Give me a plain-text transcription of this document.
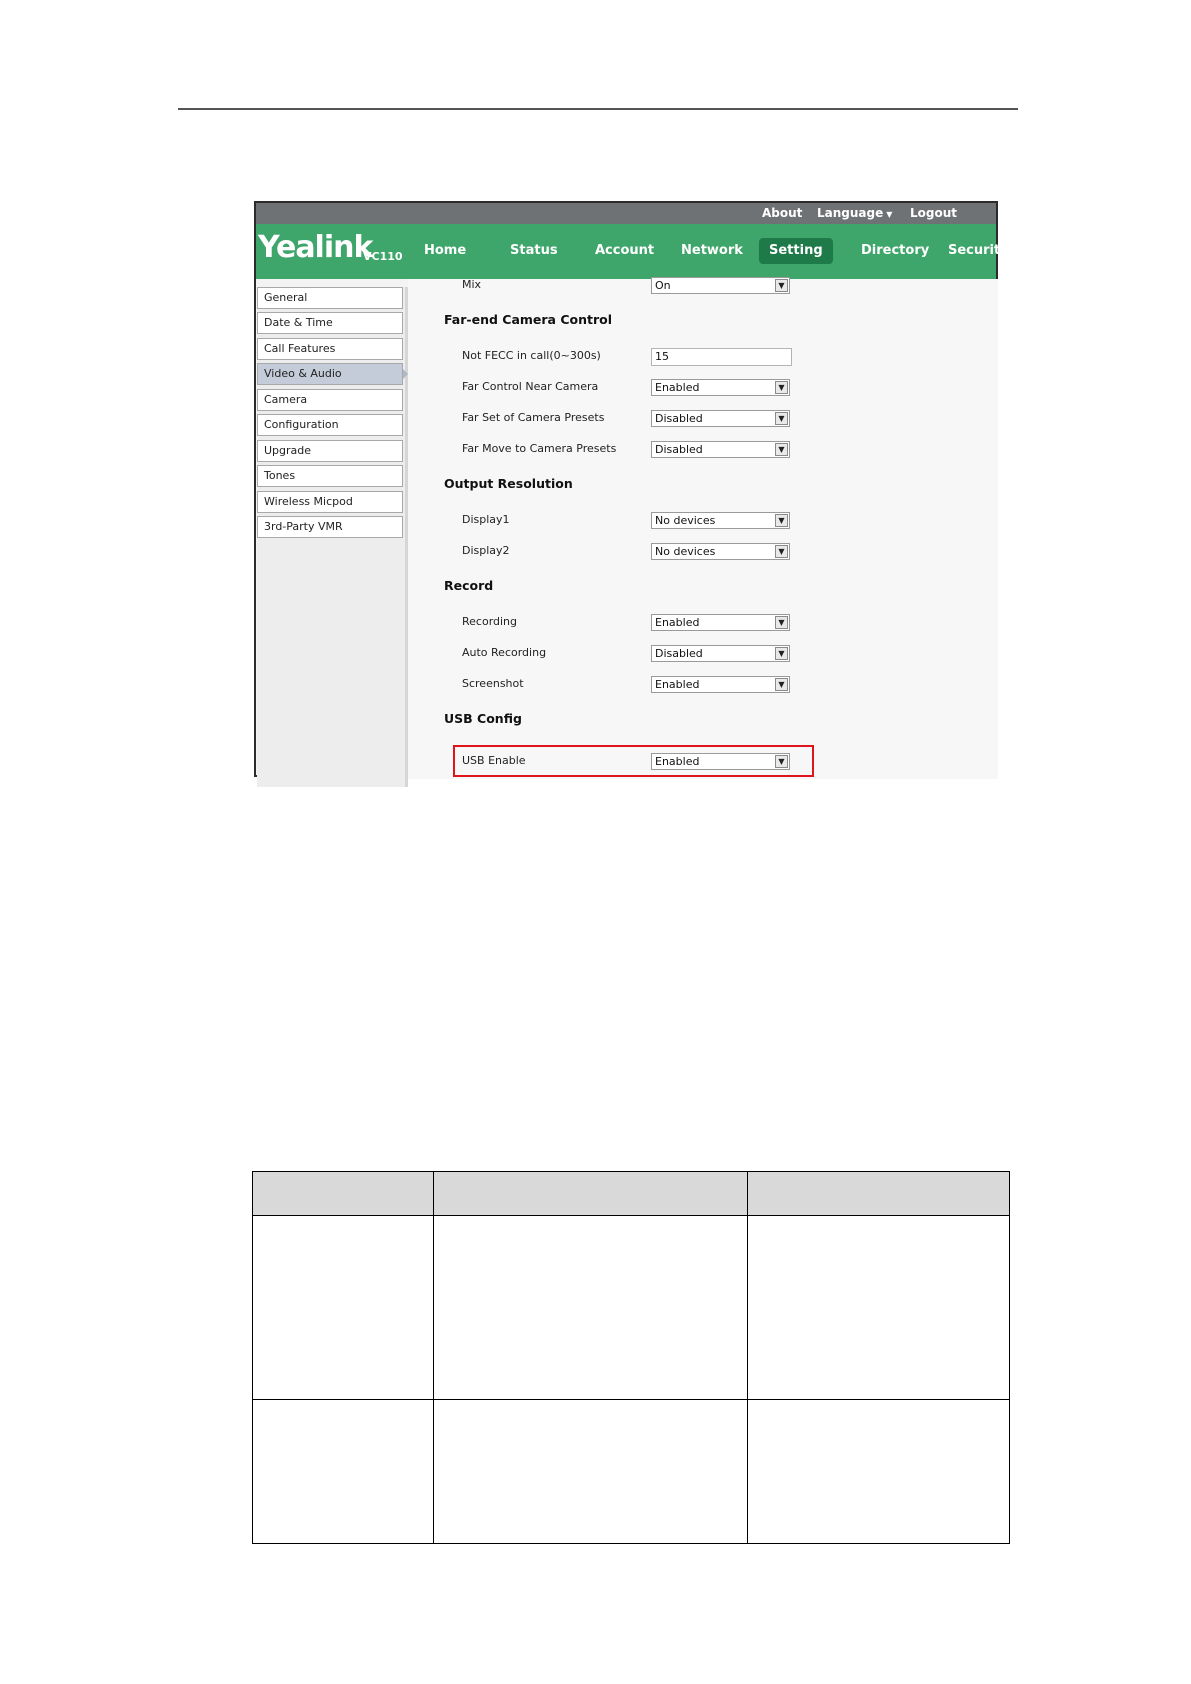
About Language ▼ Logout
Yealink
VC110	Home	Status	Account	Network	Setting	Directory	Security
General
Date & Time
Call Features
Video & Audio
Camera
Configuration
Upgrade
Tones
Wireless Micpod
3rd-Party VMR
Mix	On	▼
Far-end Camera Control
Not FECC in call(0~300s)	15
Far Control Near Camera	Enabled	▼
Far Set of Camera Presets	Disabled	▼
Far Move to Camera Presets	Disabled	▼
Output Resolution
Display1	No devices	▼
Display2	No devices	▼
Record
Recording	Enabled	▼
Auto Recording	Disabled	▼
Screenshot	Enabled	▼
USB Config
USB Enable	Enabled	▼
